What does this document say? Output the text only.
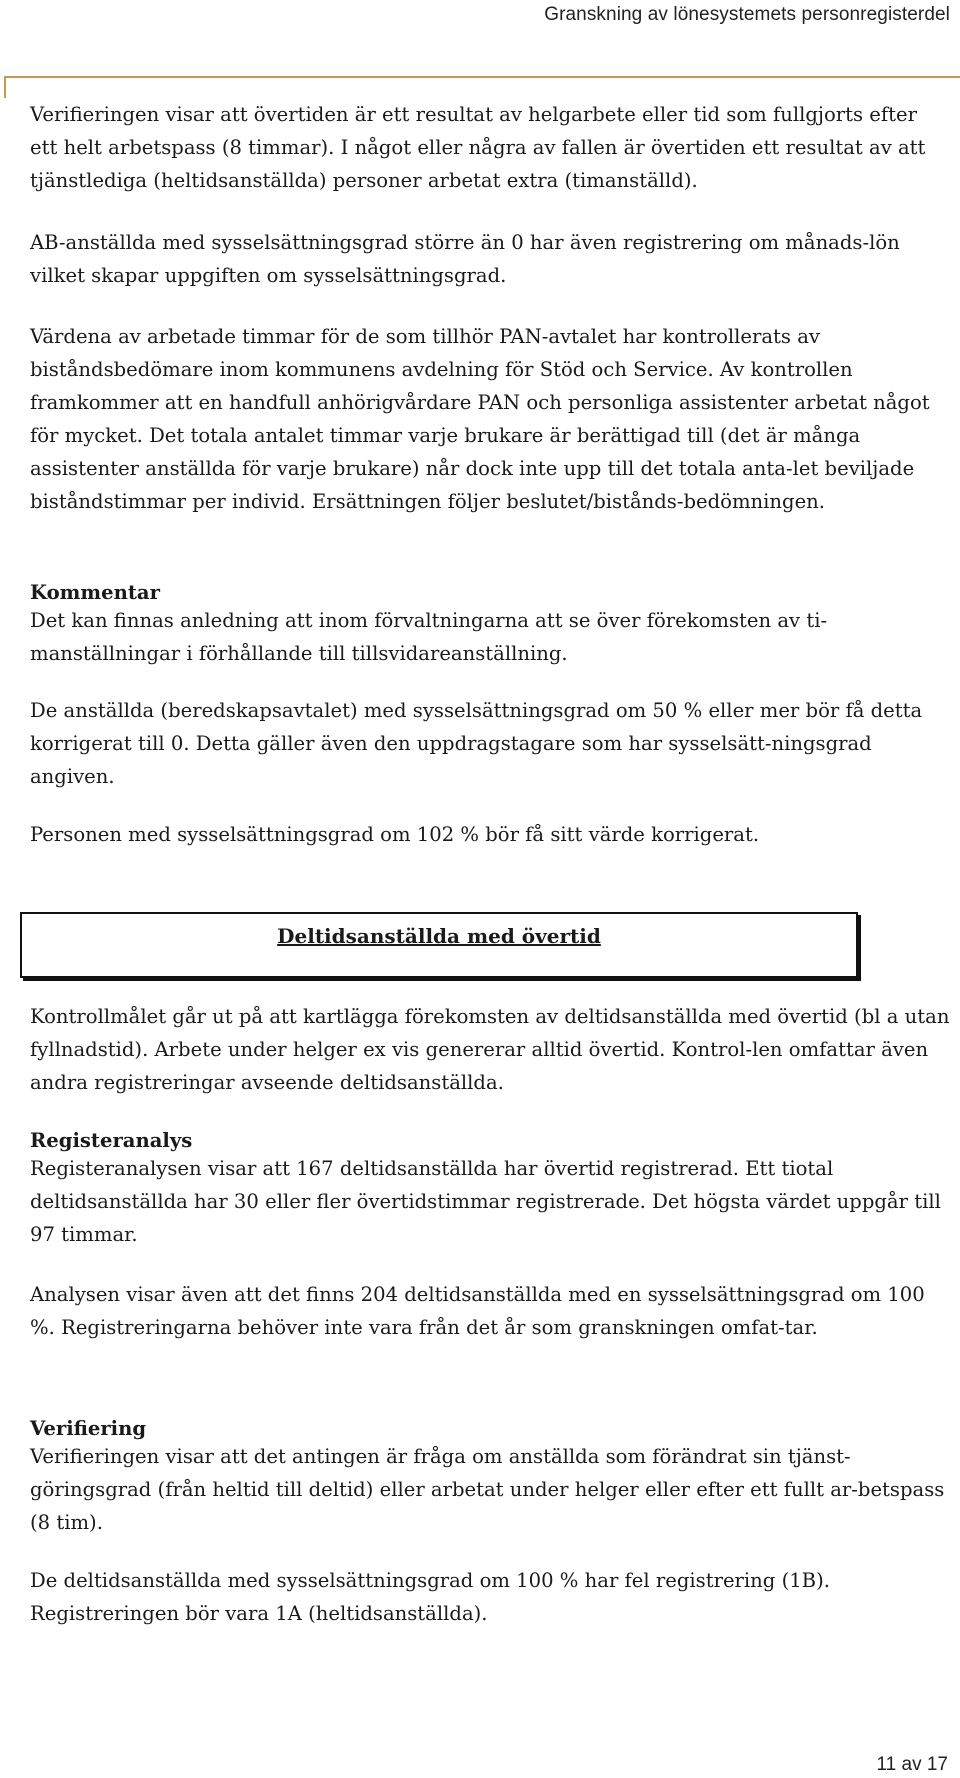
Granskning av lönesystemets personregisterdel

Verifieringen visar att övertiden är ett resultat av helgarbete eller tid som fullgjorts efter ett helt arbetspass (8 timmar). I något eller några av fallen är övertiden ett resultat av att tjänstlediga (heltidsanställda) personer arbetat extra (timanställd).

AB-anställda med sysselsättningsgrad större än 0 har även registrering om månads-lön vilket skapar uppgiften om sysselsättningsgrad.

Värdena av arbetade timmar för de som tillhör PAN-avtalet har kontrollerats av biståndsbedömare inom kommunens avdelning för Stöd och Service. Av kontrollen framkommer att en handfull anhörigvårdare PAN och personliga assistenter arbetat något för mycket. Det totala antalet timmar varje brukare är berättigad till (det är många assistenter anställda för varje brukare) når dock inte upp till det totala anta-let beviljade biståndstimmar per individ. Ersättningen följer beslutet/bistånds-bedömningen.

Kommentar

Det kan finnas anledning att inom förvaltningarna att se över förekomsten av ti-manställningar i förhållande till tillsvidareanställning.

De anställda (beredskapsavtalet) med sysselsättningsgrad om 50 % eller mer bör få detta korrigerat till 0. Detta gäller även den uppdragstagare som har sysselsätt-ningsgrad angiven.

Personen med sysselsättningsgrad om 102 % bör få sitt värde korrigerat.

Kontrollmålet går ut på att kartlägga förekomsten av deltidsanställda med övertid (bl a utan fyllnadstid). Arbete under helger ex vis genererar alltid övertid. Kontrol-len omfattar även andra registreringar avseende deltidsanställda.

Registeranalys

Registeranalysen visar att 167 deltidsanställda har övertid registrerad. Ett tiotal deltidsanställda har 30 eller fler övertidstimmar registrerade. Det högsta värdet uppgår till 97 timmar.

Analysen visar även att det finns 204 deltidsanställda med en sysselsättningsgrad om 100 %. Registreringarna behöver inte vara från det år som granskningen omfat-tar.

Verifiering

Verifieringen visar att det antingen är fråga om anställda som förändrat sin tjänst-göringsgrad (från heltid till deltid) eller arbetat under helger eller efter ett fullt ar-betspass (8 tim).

De deltidsanställda med sysselsättningsgrad om 100 % har fel registrering (1B). Registreringen bör vara 1A (heltidsanställda).

Deltidsanställda med övertid
11 av 17
